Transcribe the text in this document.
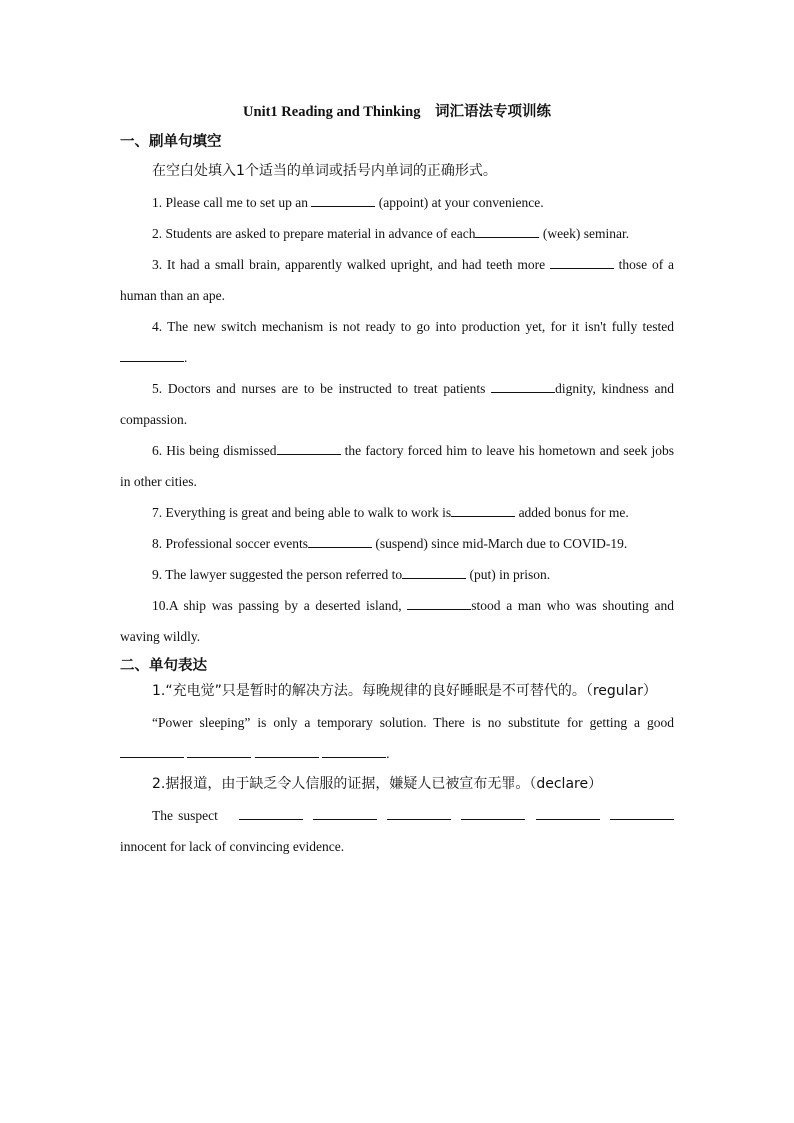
Unit1 Reading and Thinking　词汇语法专项训练

一、刷单句填空

在空白处填入1个适当的单词或括号内单词的正确形式。

1. Please call me to set up an	(appoint) at your convenience.

2. Students are asked to prepare material in advance of each	(week) seminar.

3. It had a small brain, apparently walked upright, and had teeth more	those of a human than an ape.

4. The new switch mechanism is not ready to go into production yet, for it isn't fully tested.

5. Doctors and nurses are to be instructed to treat patients	dignity, kindness and compassion.

6. His being dismissed	the factory forced him to leave his hometown and seek jobs in other cities.

7. Everything is great and being able to walk to work is	added bonus for me.

8. Professional soccer events	(suspend) since mid-March due to COVID-19.

9. The lawyer suggested the person referred to	(put) in prison.

10.A ship was passing by a deserted island,	stood a man who was shouting and waving wildly.

二、单句表达

1.“充电觉”只是暂时的解决方法。每晚规律的良好睡眠是不可替代的。（regular）

“Power sleeping” is only a temporary solution. There is no substitute for getting a good   .

2.据报道，由于缺乏令人信服的证据，嫌疑人已被宣布无罪。（declare）

The suspect               innocent for lack of convincing evidence.
